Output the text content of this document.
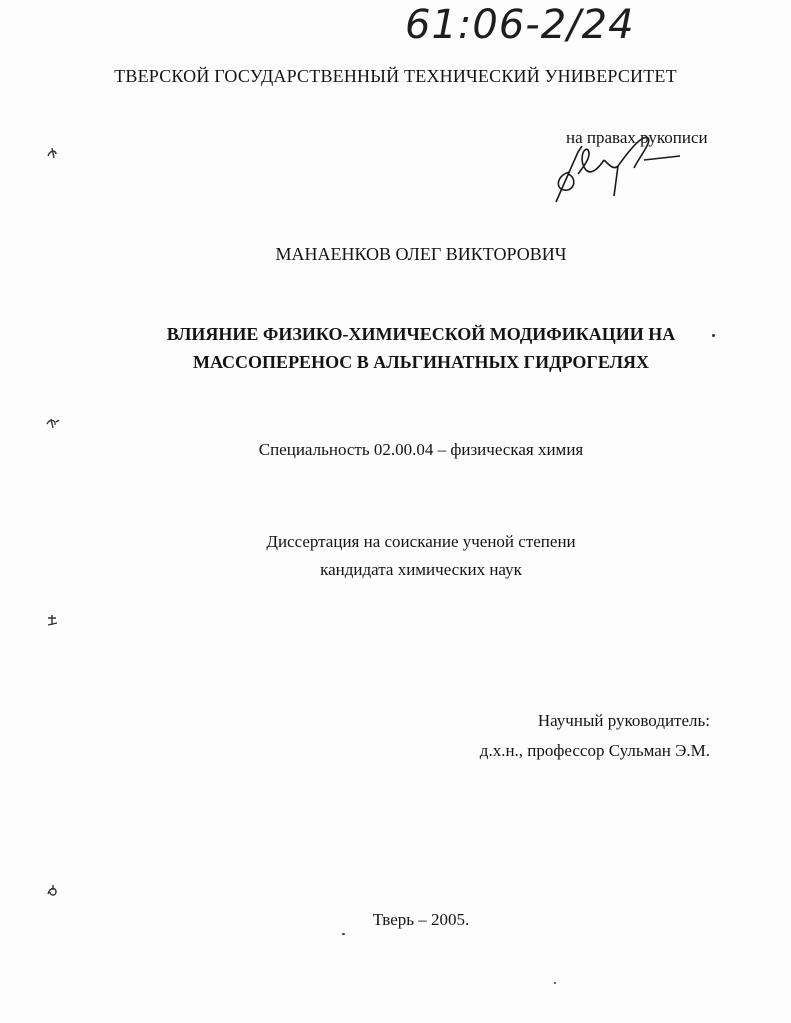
61:06-2/24
ТВЕРСКОЙ ГОСУДАРСТВЕННЫЙ ТЕХНИЧЕСКИЙ УНИВЕРСИТЕТ
на правах рукописи
МАНАЕНКОВ ОЛЕГ ВИКТОРОВИЧ
ВЛИЯНИЕ ФИЗИКО-ХИМИЧЕСКОЙ МОДИФИКАЦИИ НА
МАССОПЕРЕНОС В АЛЬГИНАТНЫХ ГИДРОГЕЛЯХ
Специальность 02.00.04 – физическая химия
Диссертация на соискание ученой степени
кандидата химических наук
Научный руководитель:
д.х.н., профессор Сульман Э.М.
Тверь – 2005.
